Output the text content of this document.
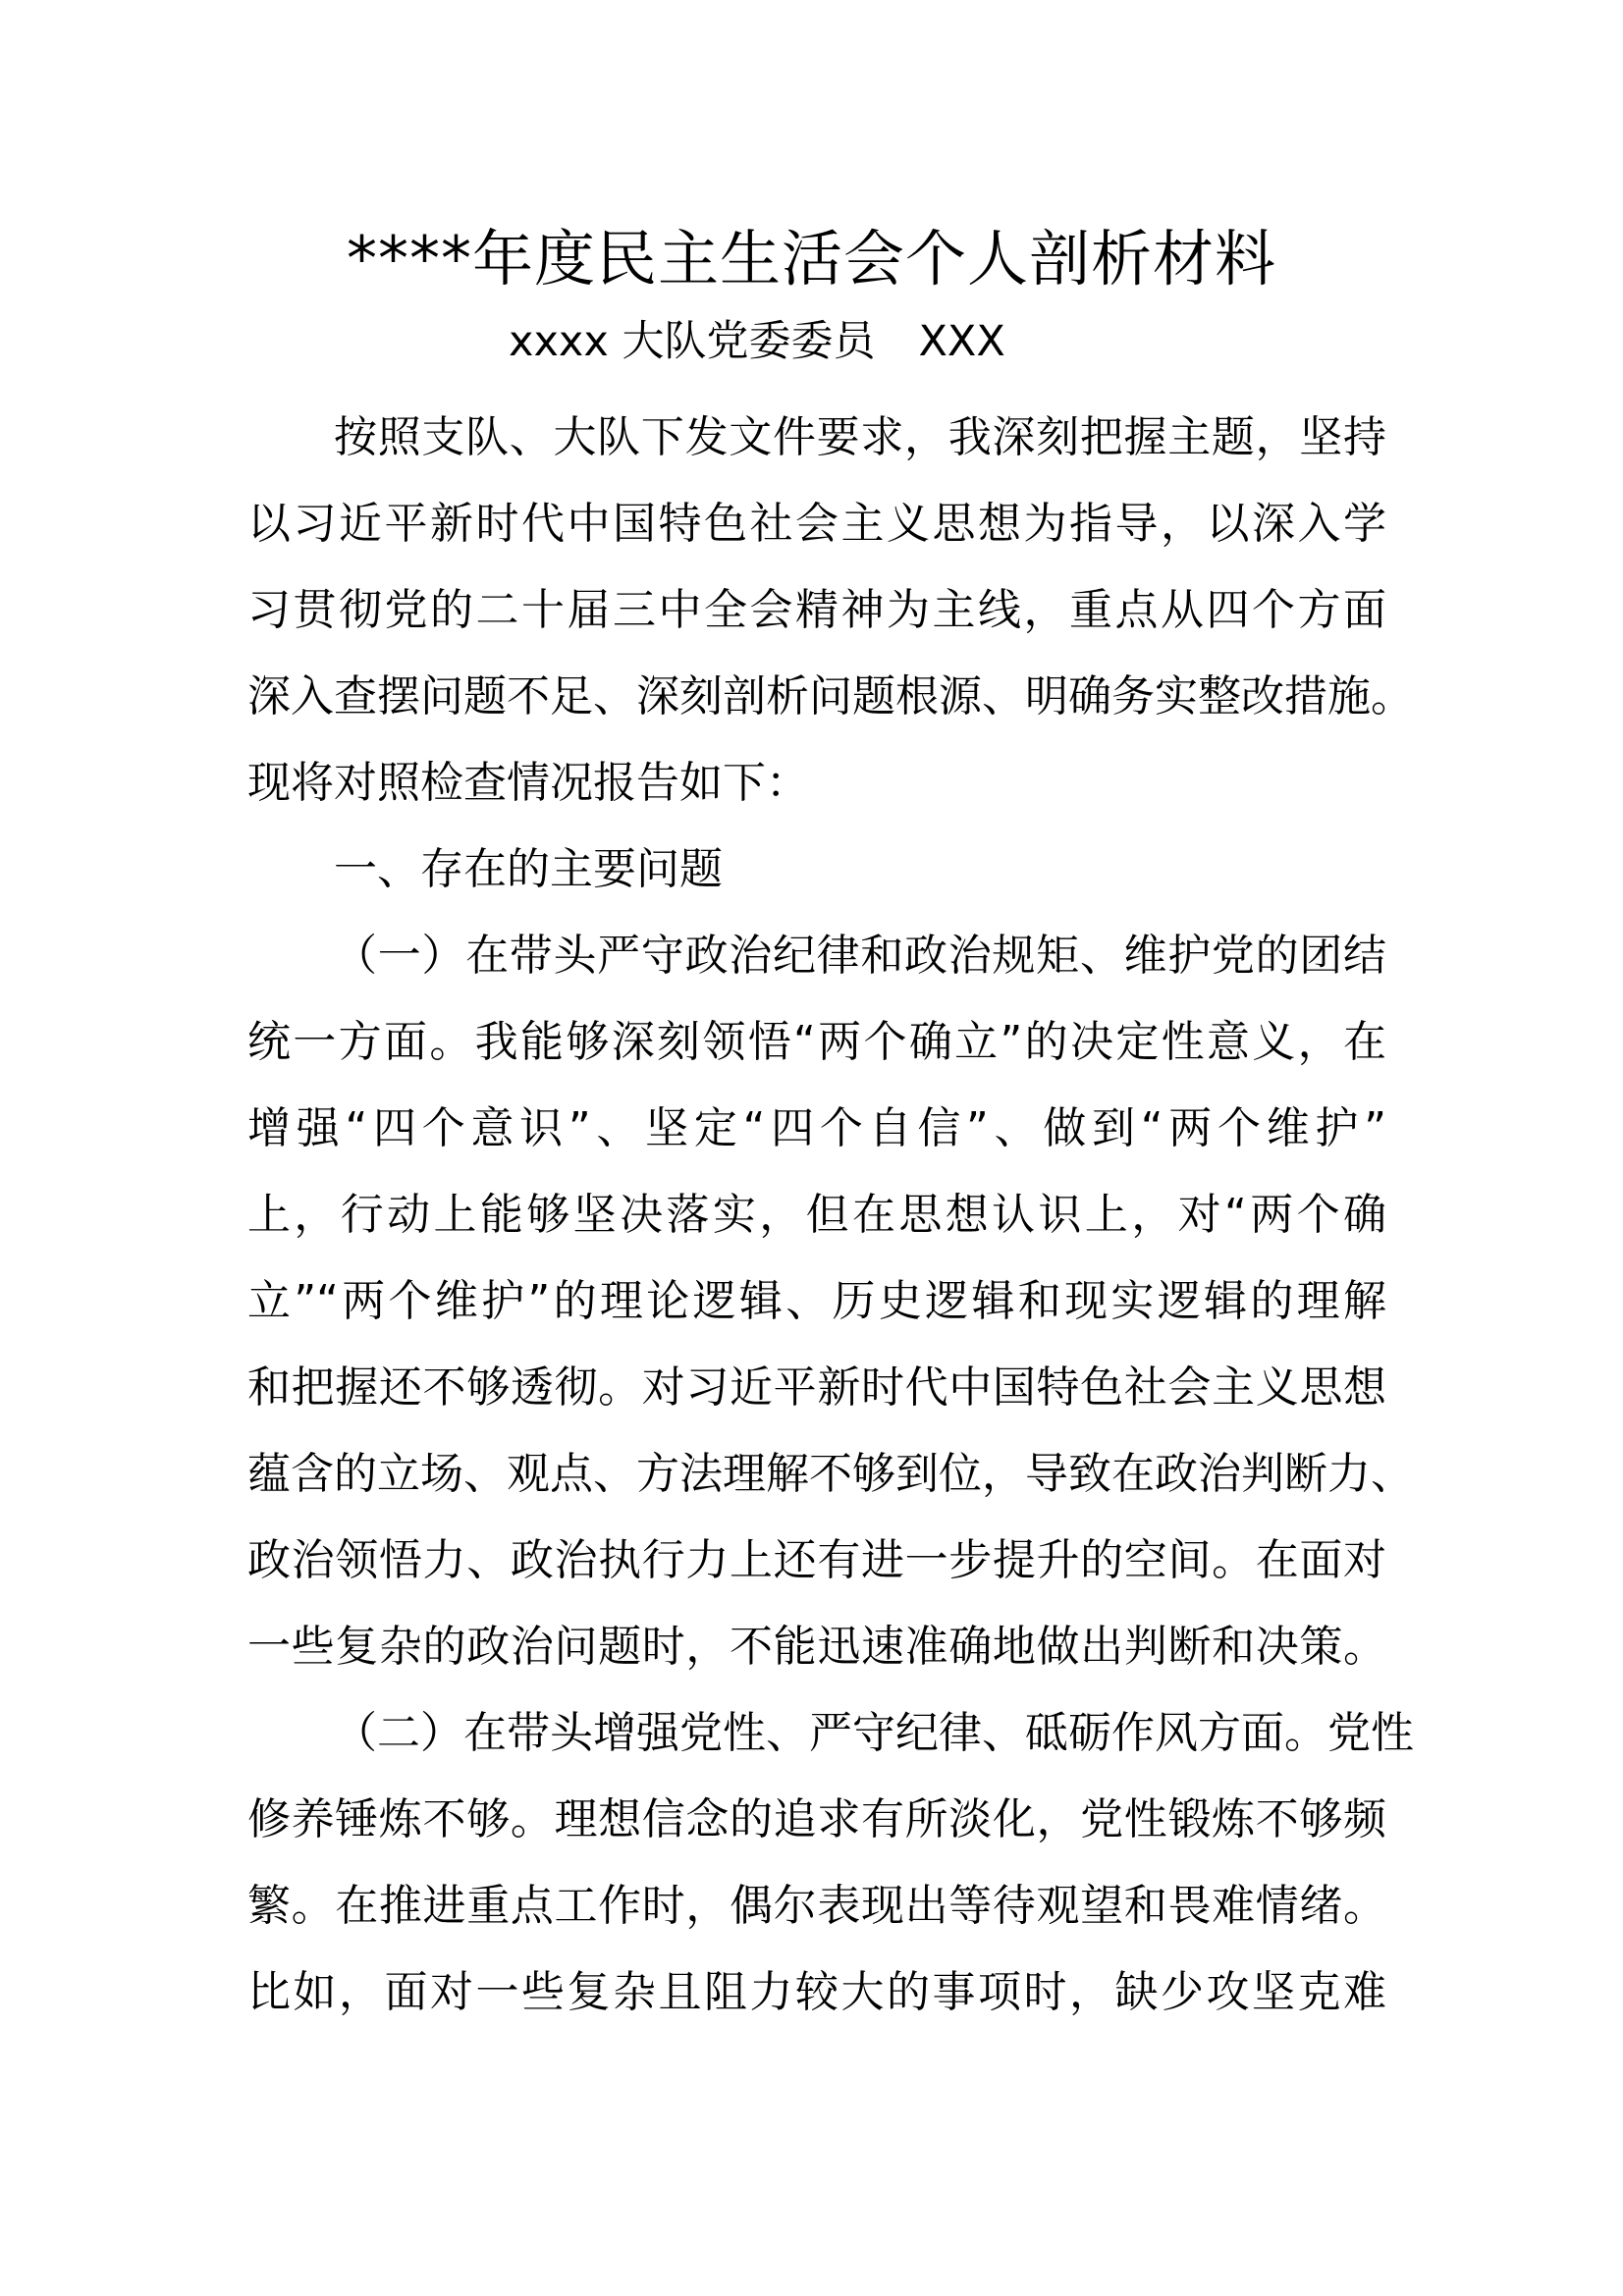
****年度民主生活会个人剖析材料
xxxx 大队党委委员 XXX
按照支队、大队下发文件要求，我深刻把握主题，坚持
以习近平新时代中国特色社会主义思想为指导，以深入学
习贯彻党的二十届三中全会精神为主线，重点从四个方面
深入查摆问题不足、深刻剖析问题根源、明确务实整改措施。
现将对照检查情况报告如下：
一、存在的主要问题
（一）在带头严守政治纪律和政治规矩、维护党的团结
统一方面。我能够深刻领悟“两个确立”的决定性意义，在
增强“四个意识”、坚定“四个自信”、做到“两个维护”
上，行动上能够坚决落实，但在思想认识上，对“两个确
立”“两个维护”的理论逻辑、历史逻辑和现实逻辑的理解
和把握还不够透彻。对习近平新时代中国特色社会主义思想
蕴含的立场、观点、方法理解不够到位，导致在政治判断力、
政治领悟力、政治执行力上还有进一步提升的空间。在面对
一些复杂的政治问题时，不能迅速准确地做出判断和决策。
（二）在带头增强党性、严守纪律、砥砺作风方面。党性
修养锤炼不够。理想信念的追求有所淡化，党性锻炼不够频
繁。在推进重点工作时，偶尔表现出等待观望和畏难情绪。
比如，面对一些复杂且阻力较大的事项时，缺少攻坚克难
